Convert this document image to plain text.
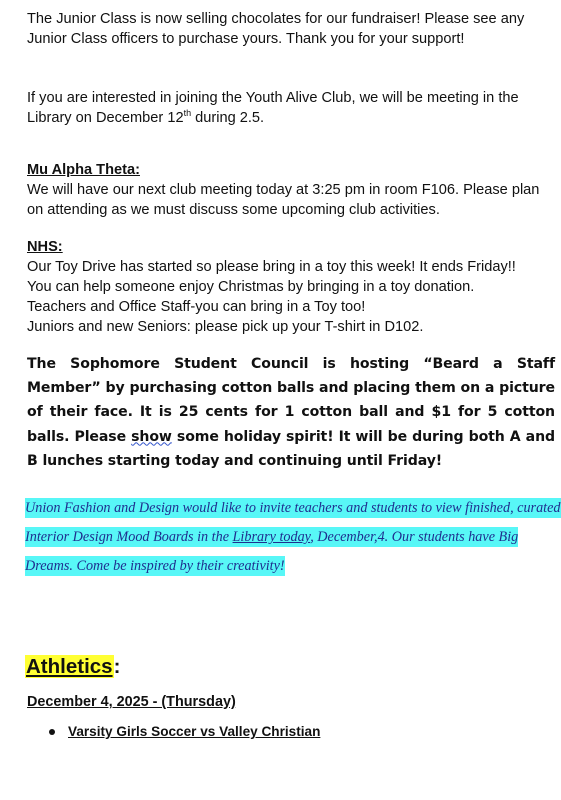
The Junior Class is now selling chocolates for our fundraiser! Please see any Junior Class officers to purchase yours. Thank you for your support!

If you are interested in joining the Youth Alive Club, we will be meeting in the Library on December 12th during 2.5.

Mu Alpha Theta:
We will have our next club meeting today at 3:25 pm in room F106. Please plan on attending as we must discuss some upcoming club activities.
NHS:
Our Toy Drive has started so please bring in a toy this week! It ends Friday!!
You can help someone enjoy Christmas by bringing in a toy donation.
Teachers and Office Staff-you can bring in a Toy too!
Juniors and new Seniors: please pick up your T-shirt in D102.

The Sophomore Student Council is hosting “Beard a Staff Member” by purchasing cotton balls and placing them on a picture of their face. It is 25 cents for 1 cotton ball and $1 for 5 cotton balls. Please show some holiday spirit! It will be during both A and B lunches starting today and continuing until Friday!

Union Fashion and Design would like to invite teachers and students to view finished, curated Interior Design Mood Boards in the Library today, December,4. Our students have Big Dreams. Come be inspired by their creativity!

Athletics:

December 4, 2025 - (Thursday)

Varsity Girls Soccer vs Valley Christian
